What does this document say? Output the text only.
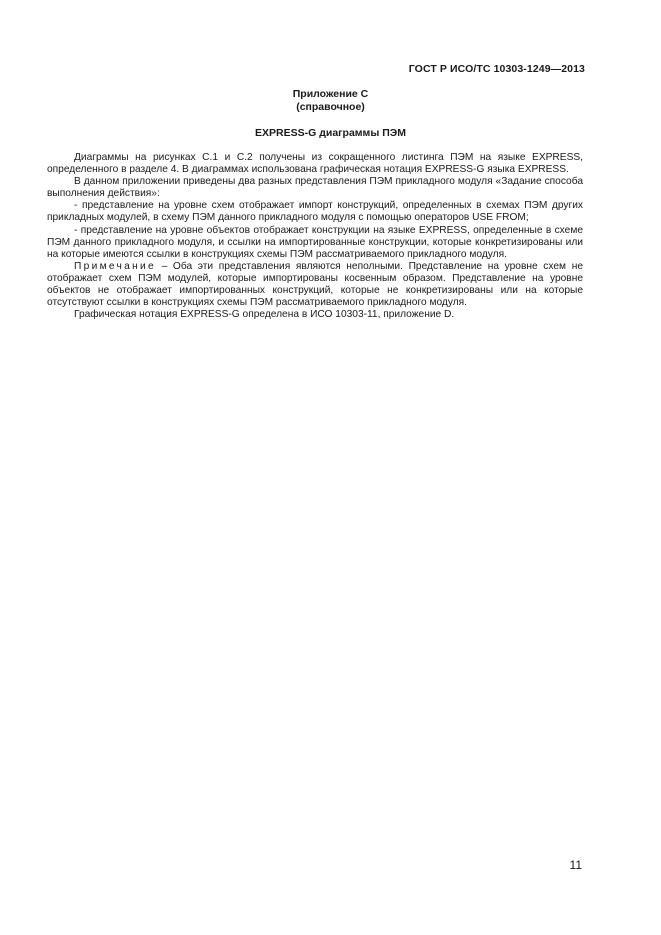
ГОСТ Р ИСО/ТС 10303-1249—2013
Приложение С
(справочное)
EXPRESS-G диаграммы ПЭМ

Диаграммы на рисунках С.1 и С.2 получены из сокращенного листинга ПЭМ на языке EXPRESS, определенного в разделе 4. В диаграммах использована графическая нотация EXPRESS-G языка EXPRESS.

В данном приложении приведены два разных представления ПЭМ прикладного модуля «Задание способа выполнения действия»:

- представление на уровне схем отображает импорт конструкций, определенных в схемах ПЭМ других прикладных модулей, в схему ПЭМ данного прикладного модуля с помощью операторов USE FROM;

- представление на уровне объектов отображает конструкции на языке EXPRESS, определенные в схеме ПЭМ данного прикладного модуля, и ссылки на импортированные конструкции, которые конкретизированы или на которые имеются ссылки в конструкциях схемы ПЭМ рассматриваемого прикладного модуля.

Примечание – Оба эти представления являются неполными. Представление на уровне схем не отображает схем ПЭМ модулей, которые импортированы косвенным образом. Представление на уровне объектов не отображает импортированных конструкций, которые не конкретизированы или на которые отсутствуют ссылки в конструкциях схемы ПЭМ рассматриваемого прикладного модуля.

Графическая нотация EXPRESS-G определена в ИСО 10303-11, приложение D.

11
